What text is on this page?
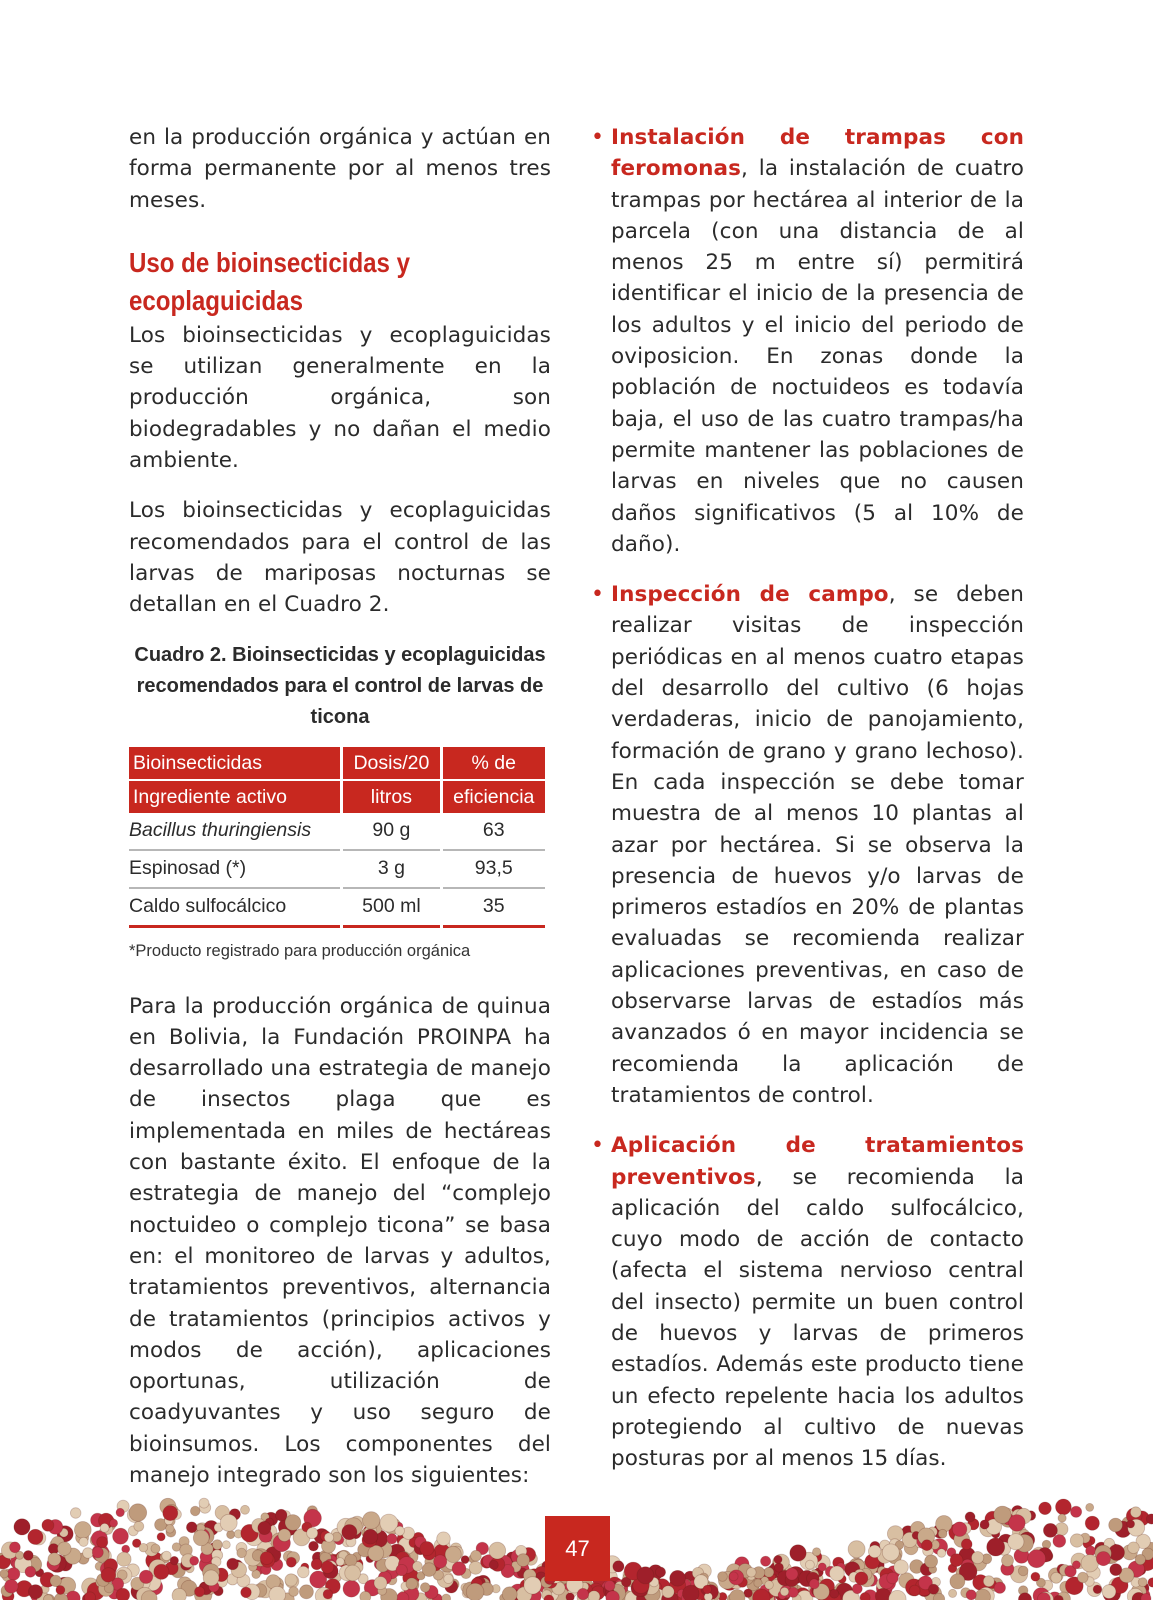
en la producción orgánica y actúan en forma permanente por al menos tres meses.

Uso de bioinsecticidas y
ecoplaguicidas

Los bioinsecticidas y ecoplaguicidas se utilizan generalmente en la producción orgánica, son biodegradables y no dañan el medio ambiente.

Los bioinsecticidas y ecoplaguicidas recomendados para el control de las larvas de mariposas nocturnas se detallan en el Cuadro 2.

Cuadro 2. Bioinsecticidas y ecoplaguicidas recomendados para el control de larvas de ticona
Bioinsecticidas	Dosis/20	% de
Ingrediente activo	litros	eficiencia
Bacillus thuringiensis	90 g	63
Espinosad (*)	3 g	93,5
Caldo sulfocálcico	500 ml	35
*Producto registrado para producción orgánica

Para la producción orgánica de quinua en Bolivia, la Fundación PROINPA ha desarrollado una estrategia de manejo de insectos plaga que es implementada en miles de hectáreas con bastante éxito. El enfoque de la estrategia de manejo del “complejo noctuideo o complejo ticona” se basa en: el monitoreo de larvas y adultos, tratamientos preventivos, alternancia de tratamientos (principios activos y modos de acción), aplicaciones oportunas, utilización de coadyuvantes y uso seguro de bioinsumos. Los componentes del manejo integrado son los siguientes:

• Instalación de trampas con feromonas, la instalación de cuatro trampas por hectárea al interior de la parcela (con una distancia de al menos 25 m entre sí) permitirá identificar el inicio de la presencia de los adultos y el inicio del periodo de oviposicion. En zonas donde la población de noctuideos es todavía baja, el uso de las cuatro trampas/ha permite mantener las poblaciones de larvas en niveles que no causen daños significativos (5 al 10% de daño).

• Inspección de campo, se deben realizar visitas de inspección periódicas en al menos cuatro etapas del desarrollo del cultivo (6 hojas verdaderas, inicio de panojamiento, formación de grano y grano lechoso). En cada inspección se debe tomar muestra de al menos 10 plantas al azar por hectárea. Si se observa la presencia de huevos y/o larvas de primeros estadíos en 20% de plantas evaluadas se recomienda realizar aplicaciones preventivas, en caso de observarse larvas de estadíos más avanzados ó en mayor incidencia se recomienda la aplicación de tratamientos de control.

• Aplicación de tratamientos preventivos, se recomienda la aplicación del caldo sulfocálcico, cuyo modo de acción de contacto (afecta el sistema nervioso central del insecto) permite un buen control de huevos y larvas de primeros estadíos. Además este producto tiene un efecto repelente hacia los adultos protegiendo al cultivo de nuevas posturas por al menos 15 días.

47
